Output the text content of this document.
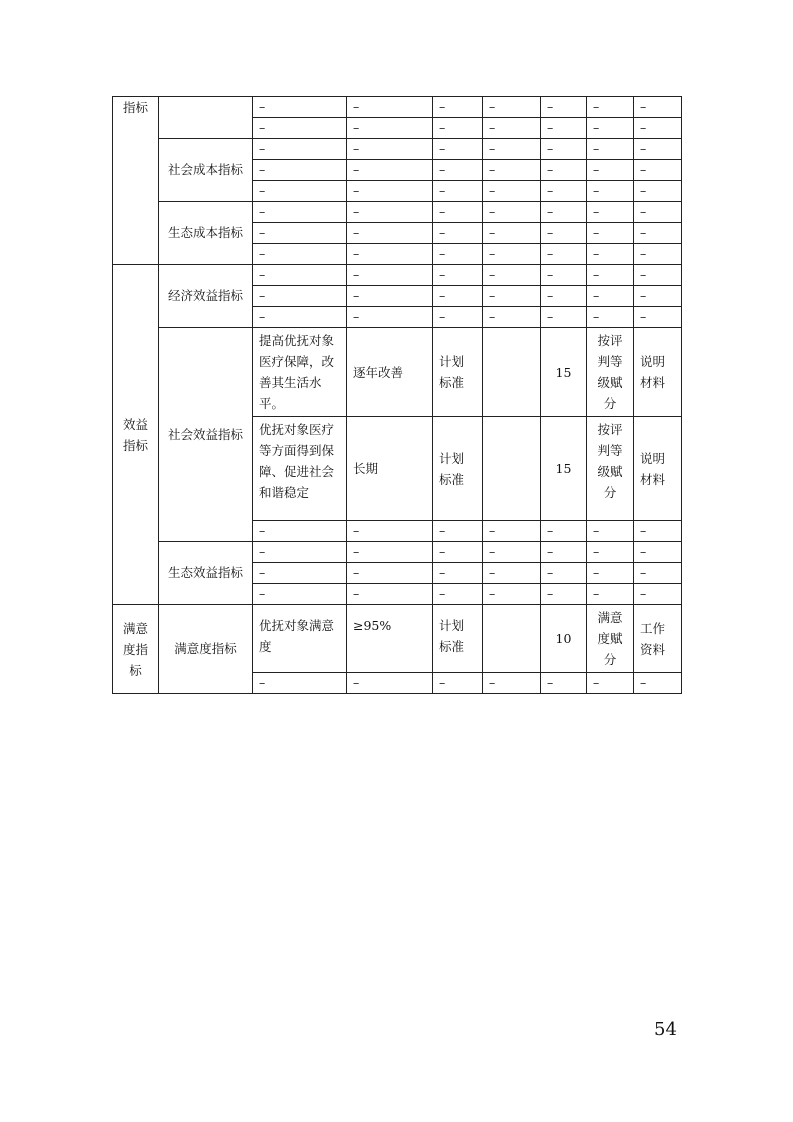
指标		–	–	–	–	–	–	–
		–	–	–	–	–	–	–
	社会成本指标	–	–	–	–	–	–	–
		–	–	–	–	–	–	–
		–	–	–	–	–	–	–
	生态成本指标	–	–	–	–	–	–	–
		–	–	–	–	–	–	–
		–	–	–	–	–	–	–
效益指标	经济效益指标	–	–	–	–	–	–	–
		–	–	–	–	–	–	–
		–	–	–	–	–	–	–
	社会效益指标	提高优抚对象医疗保障，改善其生活水平。	逐年改善	计划标准		15	按评判等级赋分	说明材料
		优抚对象医疗等方面得到保障、促进社会和谐稳定	长期	计划标准		15	按评判等级赋分	说明材料
		–	–	–	–	–	–	–
	生态效益指标	–	–	–	–	–	–	–
		–	–	–	–	–	–	–
		–	–	–	–	–	–	–
满意度指标	满意度指标	优抚对象满意度	≥95%	计划标准		10	满意度赋分	工作资料
		–	–	–	–	–	–	–
54
